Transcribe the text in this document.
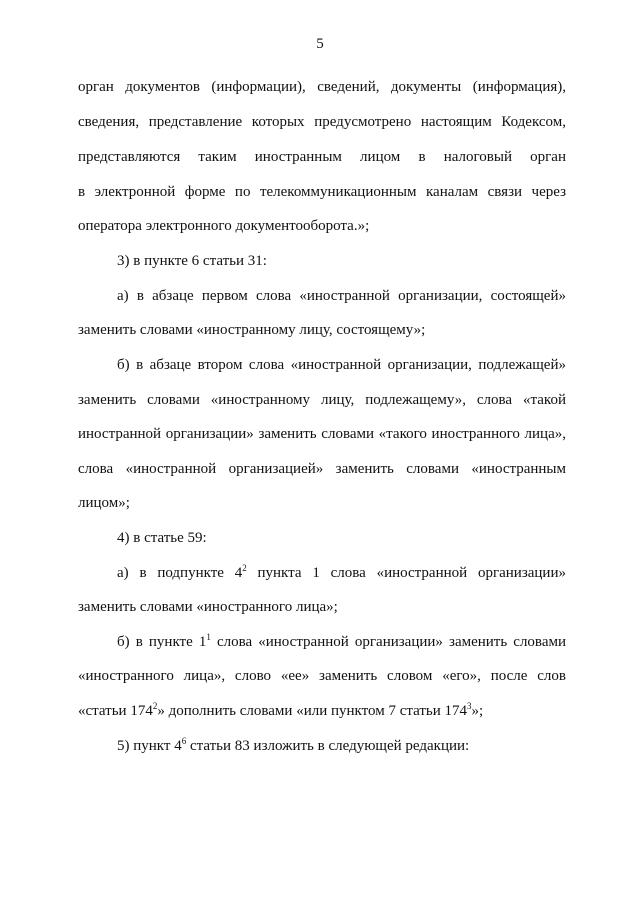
5
орган документов (информации), сведений, документы (информация),
сведения, представление которых предусмотрено настоящим Кодексом,
представляются таким иностранным лицом в налоговый орган
в электронной форме по телекоммуникационным каналам связи через
оператора электронного документооборота.»;
3) в пункте 6 статьи 31:
а) в абзаце первом слова «иностранной организации, состоящей»
заменить словами «иностранному лицу, состоящему»;
б) в абзаце втором слова «иностранной организации, подлежащей»
заменить словами «иностранному лицу, подлежащему», слова «такой
иностранной организации» заменить словами «такого иностранного лица»,
слова «иностранной организацией» заменить словами «иностранным
лицом»;
4) в статье 59:
а) в подпункте $4^2$ пункта 1 слова «иностранной организации»
заменить словами «иностранного лица»;
б) в пункте $1^1$ слова «иностранной организации» заменить словами
«иностранного лица», слово «ее» заменить словом «его», после слов
«статьи $174^2$» дополнить словами «или пунктом 7 статьи $174^3$»;
5) пункт $4^6$ статьи 83 изложить в следующей редакции:
